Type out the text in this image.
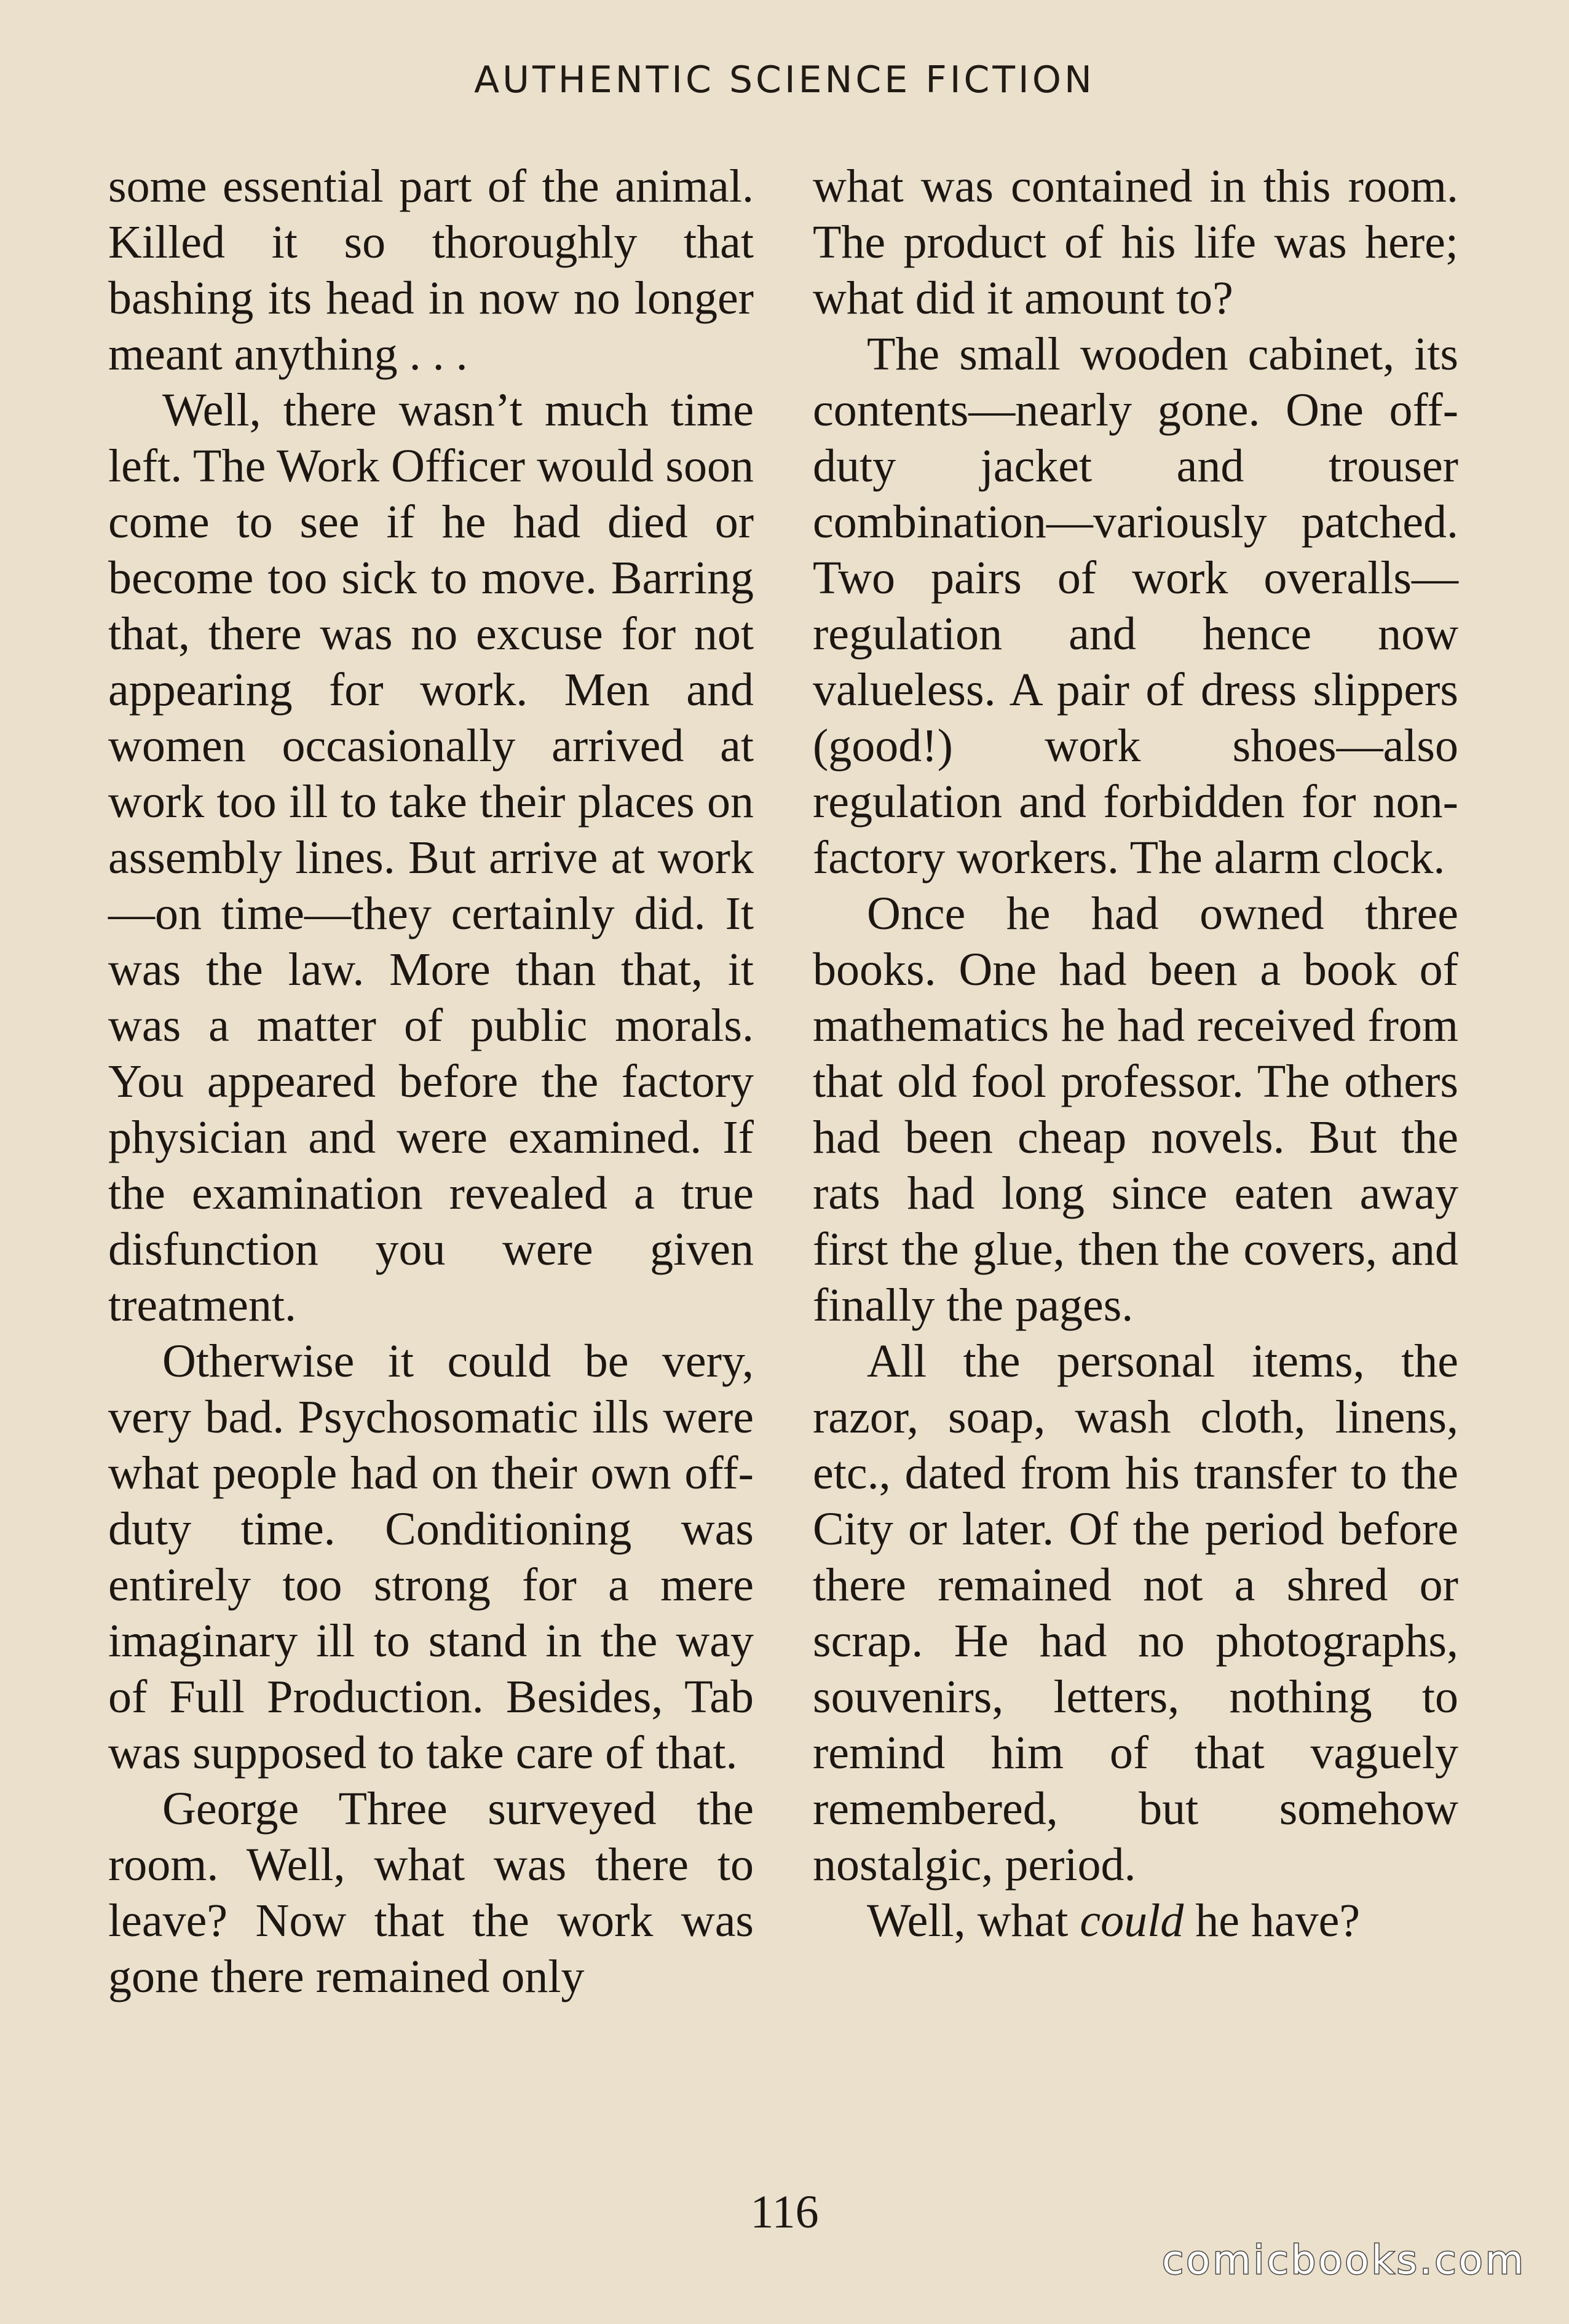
AUTHENTIC SCIENCE FICTION

some essential part of the animal. Killed it so thoroughly that bashing its head in now no longer meant anything . . .

Well, there wasn’t much time left. The Work Officer would soon come to see if he had died or become too sick to move. Barring that, there was no excuse for not appearing for work. Men and women occasionally arrived at work too ill to take their places on assembly lines. But arrive at work—on time—they certainly did. It was the law. More than that, it was a matter of public morals. You appeared before the factory physician and were examined. If the examination revealed a true disfunction you were given treatment.

Otherwise it could be very, very bad. Psychosomatic ills were what people had on their own off-duty time. Conditioning was entirely too strong for a mere imaginary ill to stand in the way of Full Production. Besides, Tab was supposed to take care of that.

George Three surveyed the room. Well, what was there to leave? Now that the work was gone there remained only

what was contained in this room. The product of his life was here; what did it amount to?

The small wooden cabinet, its contents—nearly gone. One off-duty jacket and trouser combination—variously patched. Two pairs of work overalls—regulation and hence now valueless. A pair of dress slippers (good!) work shoes—also regulation and forbidden for non-factory workers. The alarm clock.

Once he had owned three books. One had been a book of mathematics he had received from that old fool professor. The others had been cheap novels. But the rats had long since eaten away first the glue, then the covers, and finally the pages.

All the personal items, the razor, soap, wash cloth, linens, etc., dated from his transfer to the City or later. Of the period before there remained not a shred or scrap. He had no photographs, souvenirs, letters, nothing to remind him of that vaguely remembered, but somehow nostalgic, period.

Well, what could he have?

116
comicbooks.com
